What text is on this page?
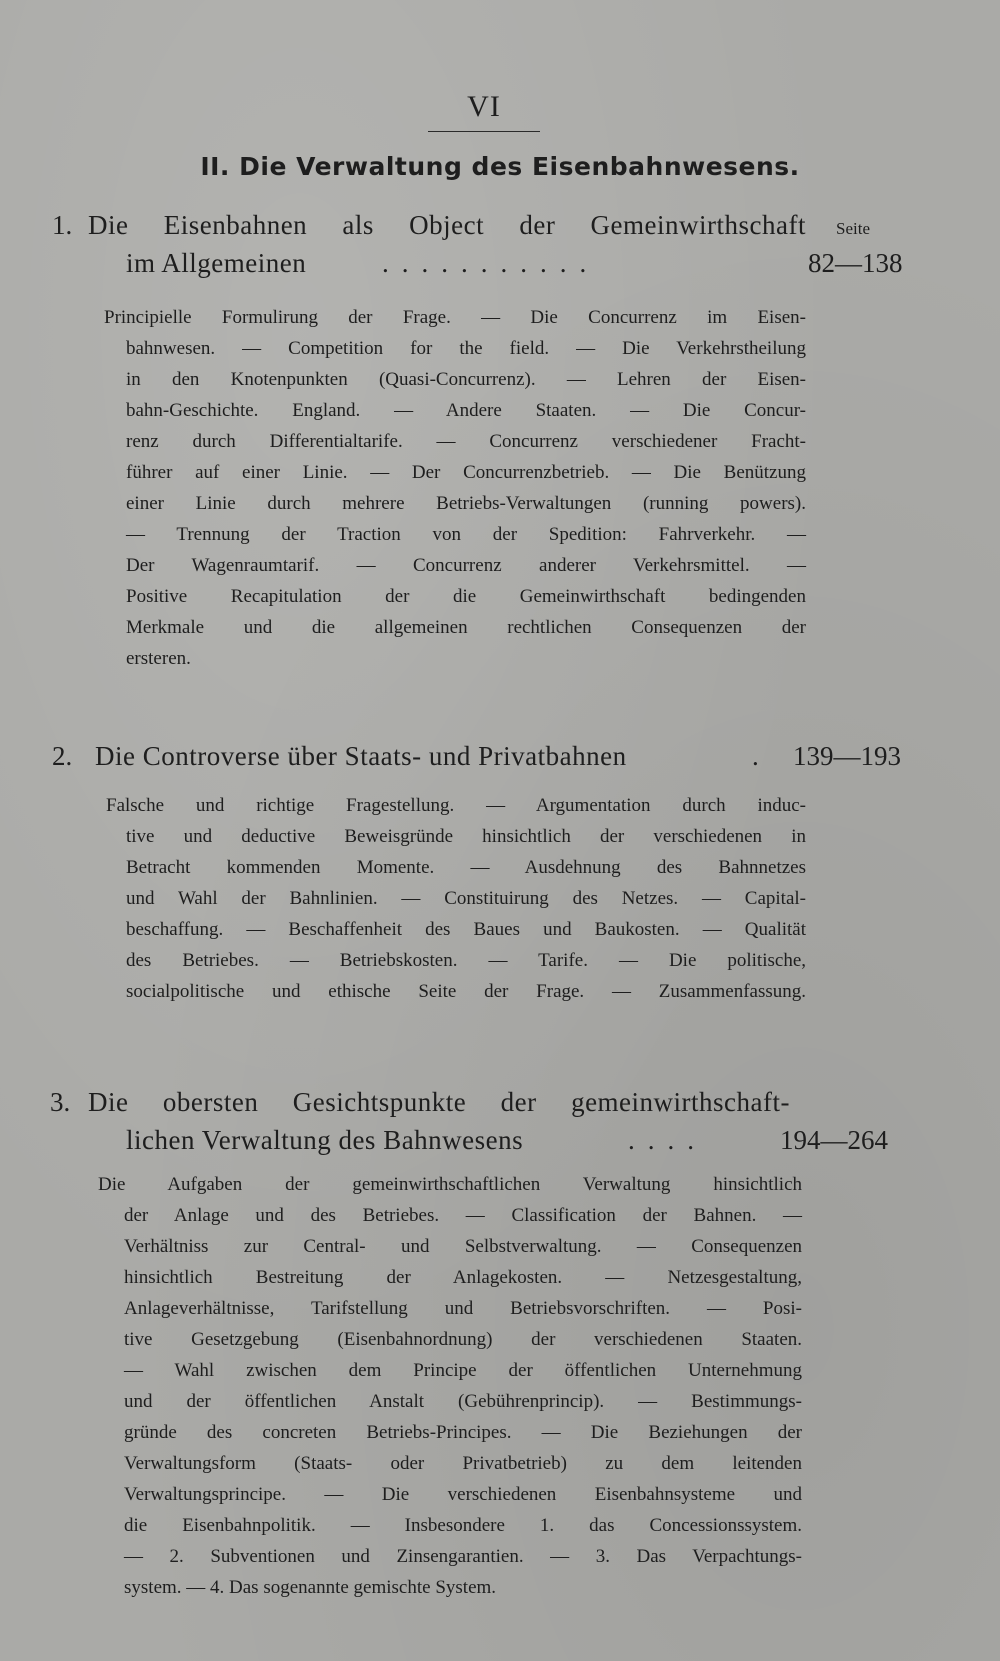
VI
II. Die Verwaltung des Eisenbahnwesens.
Seite
1. Die Eisenbahnen als Object der Gemeinwirthschaft
im Allgemeinen	...........	82—138
Principielle Formulirung der Frage. — Die Concurrenz im Eisen-
bahnwesen. — Competition for the field. — Die Verkehrstheilung
in den Knotenpunkten (Quasi-Concurrenz). — Lehren der Eisen-
bahn-Geschichte. England. — Andere Staaten. — Die Concur-
renz durch Differentialtarife. — Concurrenz verschiedener Fracht-
führer auf einer Linie. — Der Concurrenzbetrieb. — Die Benützung
einer Linie durch mehrere Betriebs-Verwaltungen (running powers).
— Trennung der Traction von der Spedition: Fahrverkehr. —
Der Wagenraumtarif. — Concurrenz anderer Verkehrsmittel. —
Positive Recapitulation der die Gemeinwirthschaft bedingenden
Merkmale und die allgemeinen rechtlichen Consequenzen der
ersteren.
2. Die Controverse über Staats- und Privatbahnen	. 139—193
Falsche und richtige Fragestellung. — Argumentation durch induc-
tive und deductive Beweisgründe hinsichtlich der verschiedenen in
Betracht kommenden Momente. — Ausdehnung des Bahnnetzes
und Wahl der Bahnlinien. — Constituirung des Netzes. — Capital-
beschaffung. — Beschaffenheit des Baues und Baukosten. — Qualität
des Betriebes. — Betriebskosten. — Tarife. — Die politische,
socialpolitische und ethische Seite der Frage. — Zusammenfassung.
3. Die obersten Gesichtspunkte der gemeinwirthschaft-
lichen Verwaltung des Bahnwesens	....	194—264
Die Aufgaben der gemeinwirthschaftlichen Verwaltung hinsichtlich
der Anlage und des Betriebes. — Classification der Bahnen. —
Verhältniss zur Central- und Selbstverwaltung. — Consequenzen
hinsichtlich Bestreitung der Anlagekosten. — Netzesgestaltung,
Anlageverhältnisse, Tarifstellung und Betriebsvorschriften. — Posi-
tive Gesetzgebung (Eisenbahnordnung) der verschiedenen Staaten.
— Wahl zwischen dem Principe der öffentlichen Unternehmung
und der öffentlichen Anstalt (Gebührenprincip). — Bestimmungs-
gründe des concreten Betriebs-Principes. — Die Beziehungen der
Verwaltungsform (Staats- oder Privatbetrieb) zu dem leitenden
Verwaltungsprincipe. — Die verschiedenen Eisenbahnsysteme und
die Eisenbahnpolitik. — Insbesondere 1. das Concessionssystem.
— 2. Subventionen und Zinsengarantien. — 3. Das Verpachtungs-
system. — 4. Das sogenannte gemischte System.
